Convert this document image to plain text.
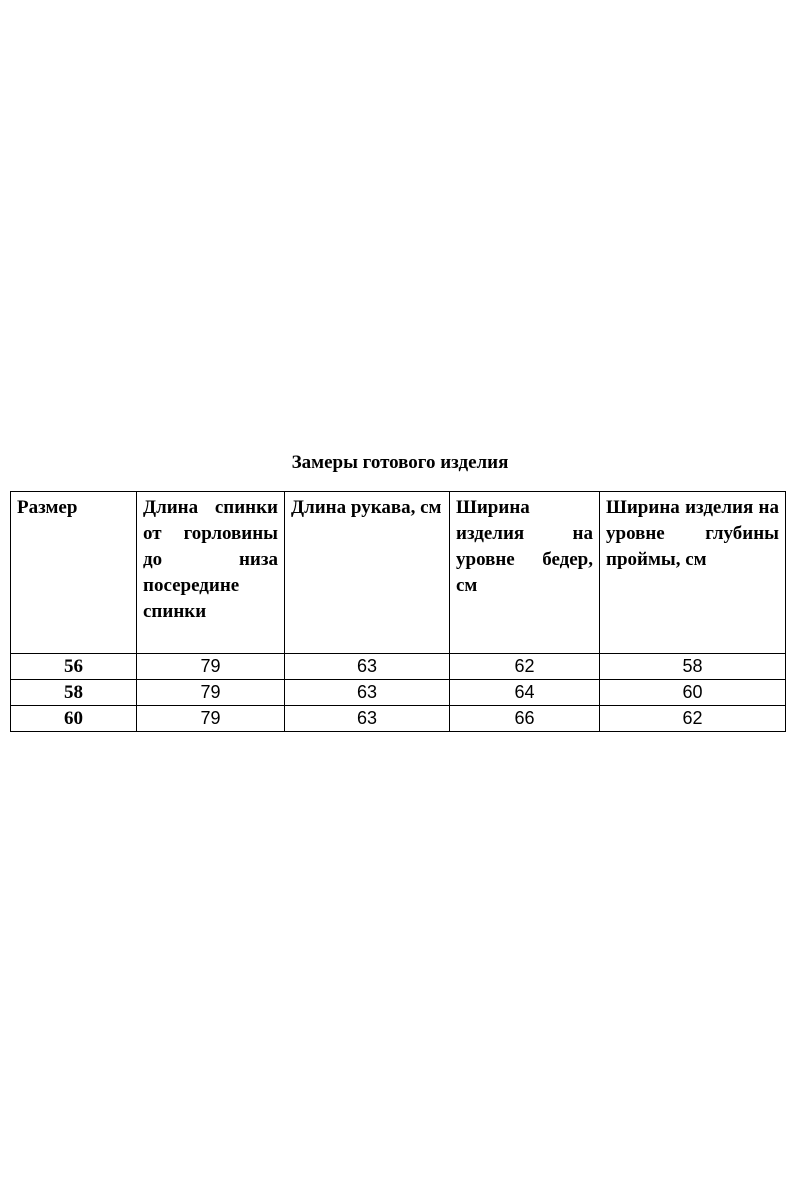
Замеры готового изделия
Размер	Длина спинки от горловины до низа посередине спинки	Длина рукава, см	Ширина изделия на уровне бедер, см	Ширина изделия на уровне глубины проймы, см
56	79	63	62	58
58	79	63	64	60
60	79	63	66	62
